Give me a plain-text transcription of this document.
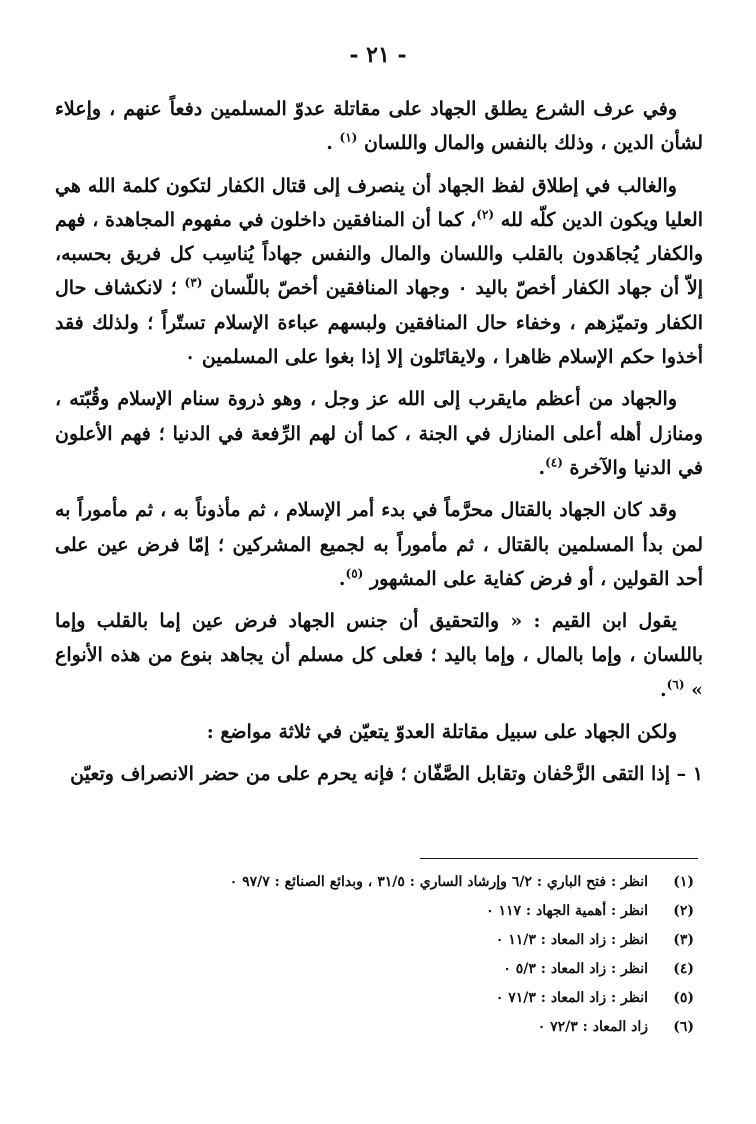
- ٢١ -

وفي عرف الشرع يطلق الجهاد على مقاتلة عدوّ المسلمين دفعاً عنهم ، وإعلاء لشأن الدين ، وذلك بالنفس والمال واللسان $^{(١)}$ .

والغالب في إطلاق لفظ الجهاد أن ينصرف إلى قتال الكفار لتكون كلمة الله هي العليا ويكون الدين كلّه لله $^{(٢)}$، كما أن المنافقين داخلون في مفهوم المجاهدة ، فهم والكفار يُجاهَدون بالقلب واللسان والمال والنفس جهاداً يُناسِب كل فريق بحسبه، إلاّ أن جهاد الكفار أخصّ باليد ٠ وجهاد المنافقين أخصّ باللّسان $^{(٣)}$ ؛ لانكشاف حال الكفار وتميّزهم ، وخفاء حال المنافقين ولبسهم عباءة الإسلام تستّراً ؛ ولذلك فقد أخذوا حكم الإسلام ظاهرا ، ولايقاتَلون إلا إذا بغوا على المسلمين ٠

والجهاد من أعظم مايقرب إلى الله عز وجل ، وهو ذروة سنام الإسلام وقُبّته ، ومنازل أهله أعلى المنازل في الجنة ، كما أن لهم الرِّفعة في الدنيا ؛ فهم الأعلون في الدنيا والآخرة $^{(٤)}$.

وقد كان الجهاد بالقتال محرَّماً في بدء أمر الإسلام ، ثم مأذوناً به ، ثم مأموراً به لمن بدأ المسلمين بالقتال ، ثم مأموراً به لجميع المشركين ؛ إمّا فرض عين على أحد القولين ، أو فرض كفاية على المشهور $^{(٥)}$.

يقول ابن القيم : « والتحقيق أن جنس الجهاد فرض عين إما بالقلب وإما باللسان ، وإما بالمال ، وإما باليد ؛ فعلى كل مسلم أن يجاهد بنوع من هذه الأنواع » $^{(٦)}$.

ولكن الجهاد على سبيل مقاتلة العدوّ يتعيّن في ثلاثة مواضع :

١ – إذا التقى الزَّحْفان وتقابل الصَّفّان ؛ فإنه يحرم على من حضر الانصراف وتعيّن

(١)
انظر : فتح الباري : ٦/٢ وإرشاد الساري : ٣١/٥ ، وبدائع الصنائع : ٩٧/٧ ٠
(٢)
انظر : أهمية الجهاد : ١١٧ ٠
(٣)
انظر : زاد المعاد : ١١/٣ ٠
(٤)
انظر : زاد المعاد : ٥/٣ ٠
(٥)
انظر : زاد المعاد : ٧١/٣ ٠
(٦)
زاد المعاد : ٧٢/٣ ٠
